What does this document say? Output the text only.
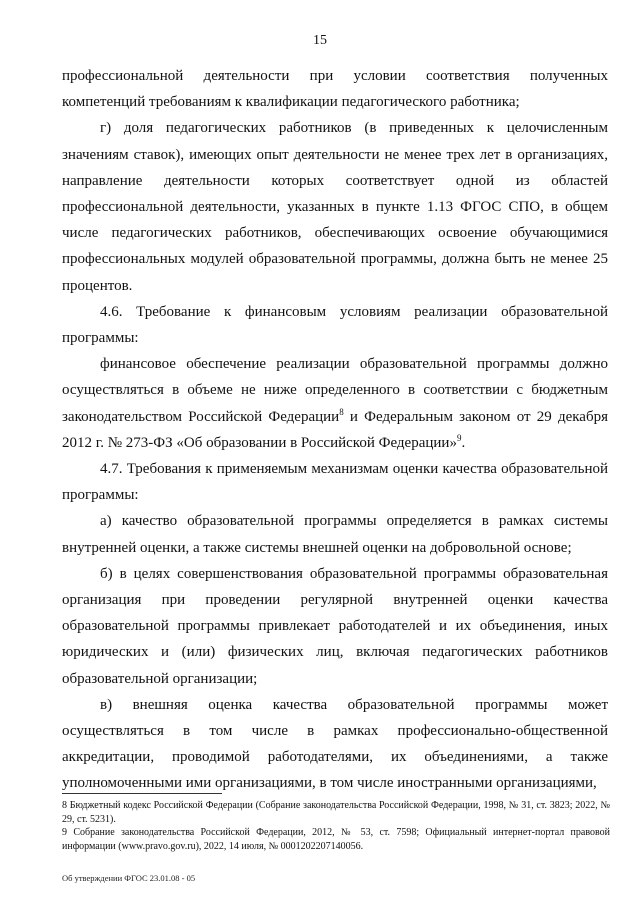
15

профессиональной деятельности при условии соответствия полученных компетенций требованиям к квалификации педагогического работника;

г) доля педагогических работников (в приведенных к целочисленным значениям ставок), имеющих опыт деятельности не менее трех лет в организациях, направление деятельности которых соответствует одной из областей профессиональной деятельности, указанных в пункте 1.13 ФГОС СПО, в общем числе педагогических работников, обеспечивающих освоение обучающимися профессиональных модулей образовательной программы, должна быть не менее 25 процентов.

4.6. Требование к финансовым условиям реализации образовательной программы:

финансовое обеспечение реализации образовательной программы должно осуществляться в объеме не ниже определенного в соответствии с бюджетным законодательством Российской Федерации$^8$ и Федеральным законом от 29 декабря 2012 г. № 273-ФЗ «Об образовании в Российской Федерации»$^9$.

4.7. Требования к применяемым механизмам оценки качества образовательной программы:

а) качество образовательной программы определяется в рамках системы внутренней оценки, а также системы внешней оценки на добровольной основе;

б) в целях совершенствования образовательной программы образовательная организация при проведении регулярной внутренней оценки качества образовательной программы привлекает работодателей и их объединения, иных юридических и (или) физических лиц, включая педагогических работников образовательной организации;

в) внешняя оценка качества образовательной программы может осуществляться в том числе в рамках профессионально-общественной аккредитации, проводимой работодателями, их объединениями, а также уполномоченными ими организациями, в том числе иностранными организациями,

8 Бюджетный кодекс Российской Федерации (Собрание законодательства Российской Федерации, 1998, № 31, ст. 3823; 2022, № 29, ст. 5231).

9 Собрание законодательства Российской Федерации, 2012, № 53, ст. 7598; Официальный интернет-портал правовой информации (www.pravo.gov.ru), 2022, 14 июля, № 0001202207140056.

Об утверждении ФГОС 23.01.08 - 05
